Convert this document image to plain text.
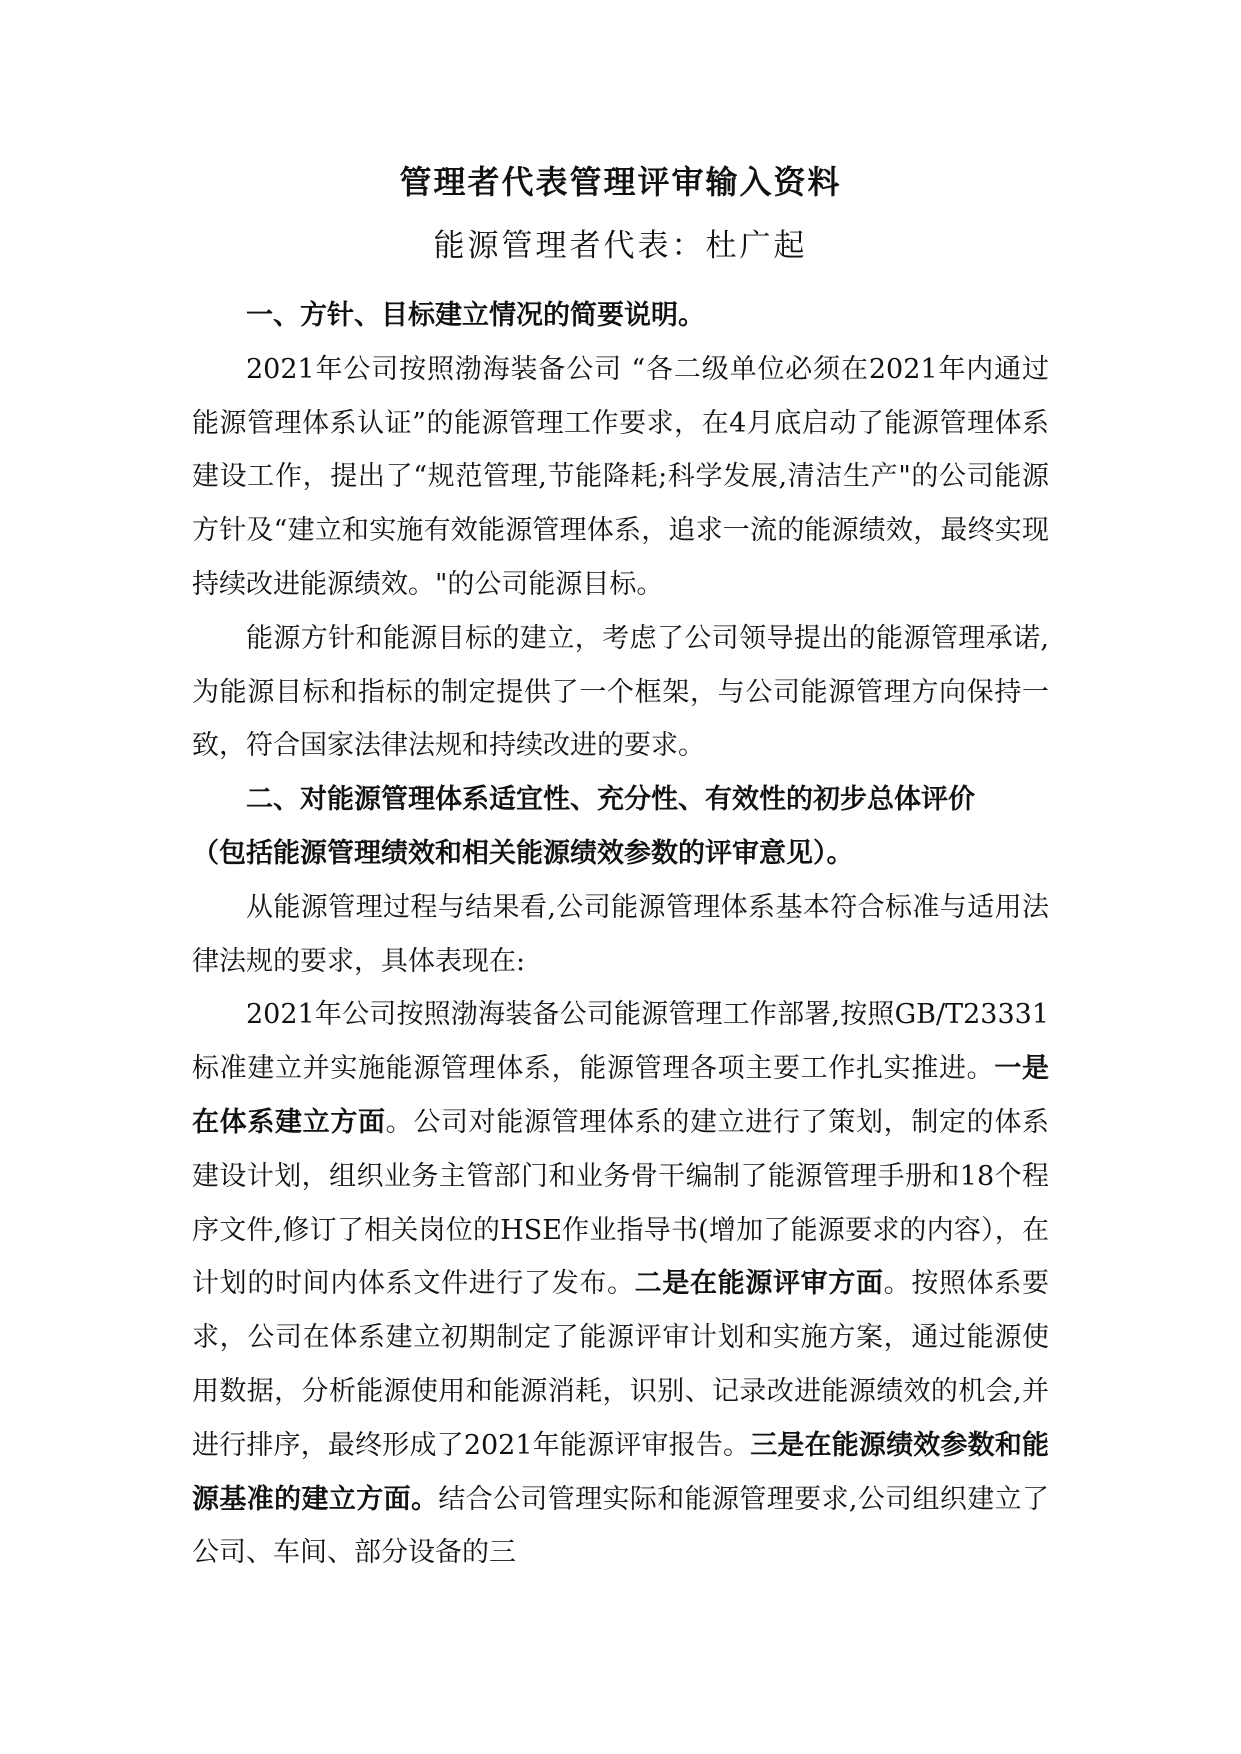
管理者代表管理评审输入资料
能源管理者代表：杜广起

一、方针、目标建立情况的简要说明。

2021年公司按照渤海装备公司 “各二级单位必须在2021年内通过能源管理体系认证”的能源管理工作要求，在4月底启动了能源管理体系建设工作，提出了“规范管理,节能降耗;科学发展,清洁生产"的公司能源方针及“建立和实施有效能源管理体系，追求一流的能源绩效，最终实现持续改进能源绩效。"的公司能源目标。

能源方针和能源目标的建立，考虑了公司领导提出的能源管理承诺,为能源目标和指标的制定提供了一个框架，与公司能源管理方向保持一致，符合国家法律法规和持续改进的要求。

二、对能源管理体系适宜性、充分性、有效性的初步总体评价

（包括能源管理绩效和相关能源绩效参数的评审意见）。

从能源管理过程与结果看,公司能源管理体系基本符合标准与适用法律法规的要求，具体表现在:

2021年公司按照渤海装备公司能源管理工作部署,按照GB/T23331标准建立并实施能源管理体系，能源管理各项主要工作扎实推进。一是在体系建立方面。公司对能源管理体系的建立进行了策划，制定的体系建设计划，组织业务主管部门和业务骨干编制了能源管理手册和18个程序文件,修订了相关岗位的HSE作业指导书(增加了能源要求的内容），在计划的时间内体系文件进行了发布。二是在能源评审方面。按照体系要求，公司在体系建立初期制定了能源评审计划和实施方案，通过能源使用数据，分析能源使用和能源消耗，识别、记录改进能源绩效的机会,并进行排序，最终形成了2021年能源评审报告。三是在能源绩效参数和能源基准的建立方面。结合公司管理实际和能源管理要求,公司组织建立了公司、车间、部分设备的三
